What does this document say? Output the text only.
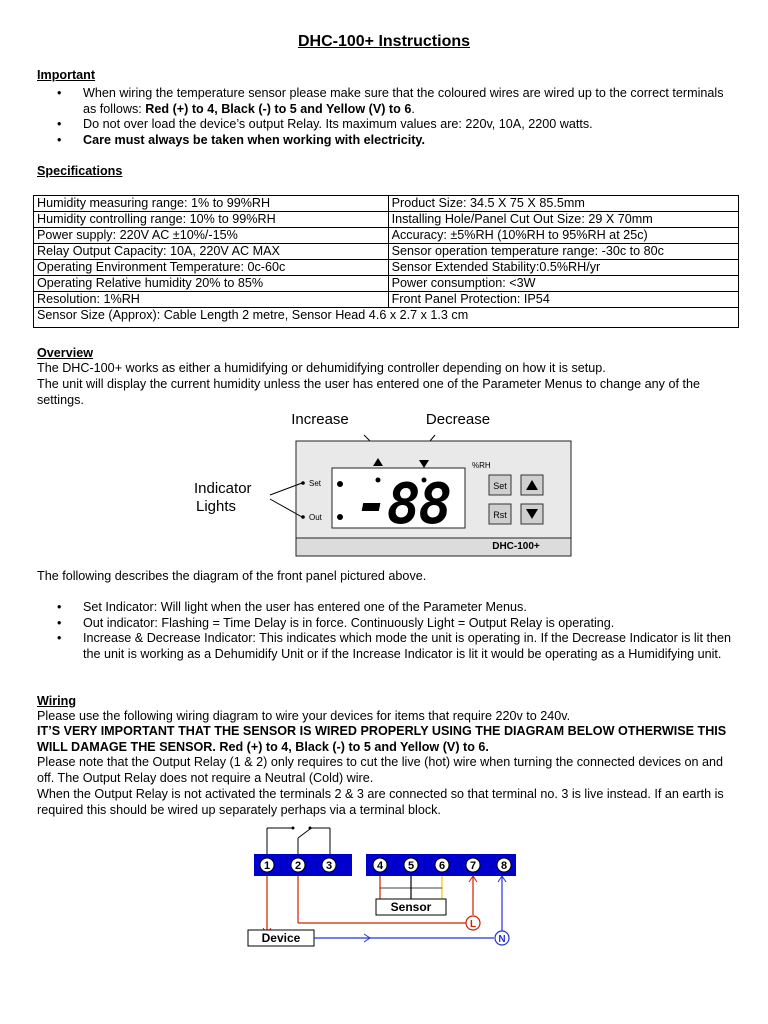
DHC-100+ Instructions
Important
• When wiring the temperature sensor please make sure that the coloured wires are wired up to the correct terminals as follows: Red (+) to 4, Black (-) to 5 and Yellow (V) to 6.
• Do not over load the device’s output Relay. Its maximum values are: 220v, 10A, 2200 watts.
• Care must always be taken when working with electricity.
Specifications
Humidity measuring range: 1% to 99%RH	Product Size: 34.5 X 75 X 85.5mm
Humidity controlling range: 10% to 99%RH	Installing Hole/Panel Cut Out Size: 29 X 70mm
Power supply: 220V AC ±10%/-15%	Accuracy: ±5%RH (10%RH to 95%RH at 25c)
Relay Output Capacity: 10A, 220V AC MAX	Sensor operation temperature range: -30c to 80c
Operating Environment Temperature: 0c-60c	Sensor Extended Stability:0.5%RH/yr
Operating Relative humidity 20% to 85%	Power consumption: <3W
Resolution: 1%RH	Front Panel Protection: IP54
Sensor Size (Approx): Cable Length 2 metre, Sensor Head 4.6 x 2.7 x 1.3 cm	
Overview
The DHC-100+ works as either a humidifying or dehumidifying controller depending on how it is setup.
The unit will display the current humidity unless the user has entered one of the Parameter Menus to change any of the settings.
Increase	Decrease
DHC-100+
Set
Out
Indicator
Lights
%RH
-88	Set
Rst
The following describes the diagram of the front panel pictured above.
• Set Indicator: Will light when the user has entered one of the Parameter Menus.
• Out indicator: Flashing = Time Delay is in force. Continuously Light = Output Relay is operating.
• Increase & Decrease Indicator: This indicates which mode the unit is operating in. If the Decrease Indicator is lit then the unit is working as a Dehumidify Unit or if the Increase Indicator is lit it would be operating as a Humidifying unit.
Wiring
Please use the following wiring diagram to wire your devices for items that require 220v to 240v.
IT’S VERY IMPORTANT THAT THE SENSOR IS WIRED PROPERLY USING THE DIAGRAM BELOW OTHERWISE THIS WILL DAMAGE THE SENSOR. Red (+) to 4, Black (-) to 5 and Yellow (V) to 6.
Please note that the Output Relay (1 & 2) only requires to cut the live (hot) wire when turning the connected devices on and off. The Output Relay does not require a Neutral (Cold) wire.
When the Output Relay is not activated the terminals 2 & 3 are connected so that terminal no. 3 is live instead. If an earth is required this should be wired up separately perhaps via a terminal block.
1 2 3	4 5 6 7 8
Sensor
L
Device	N
